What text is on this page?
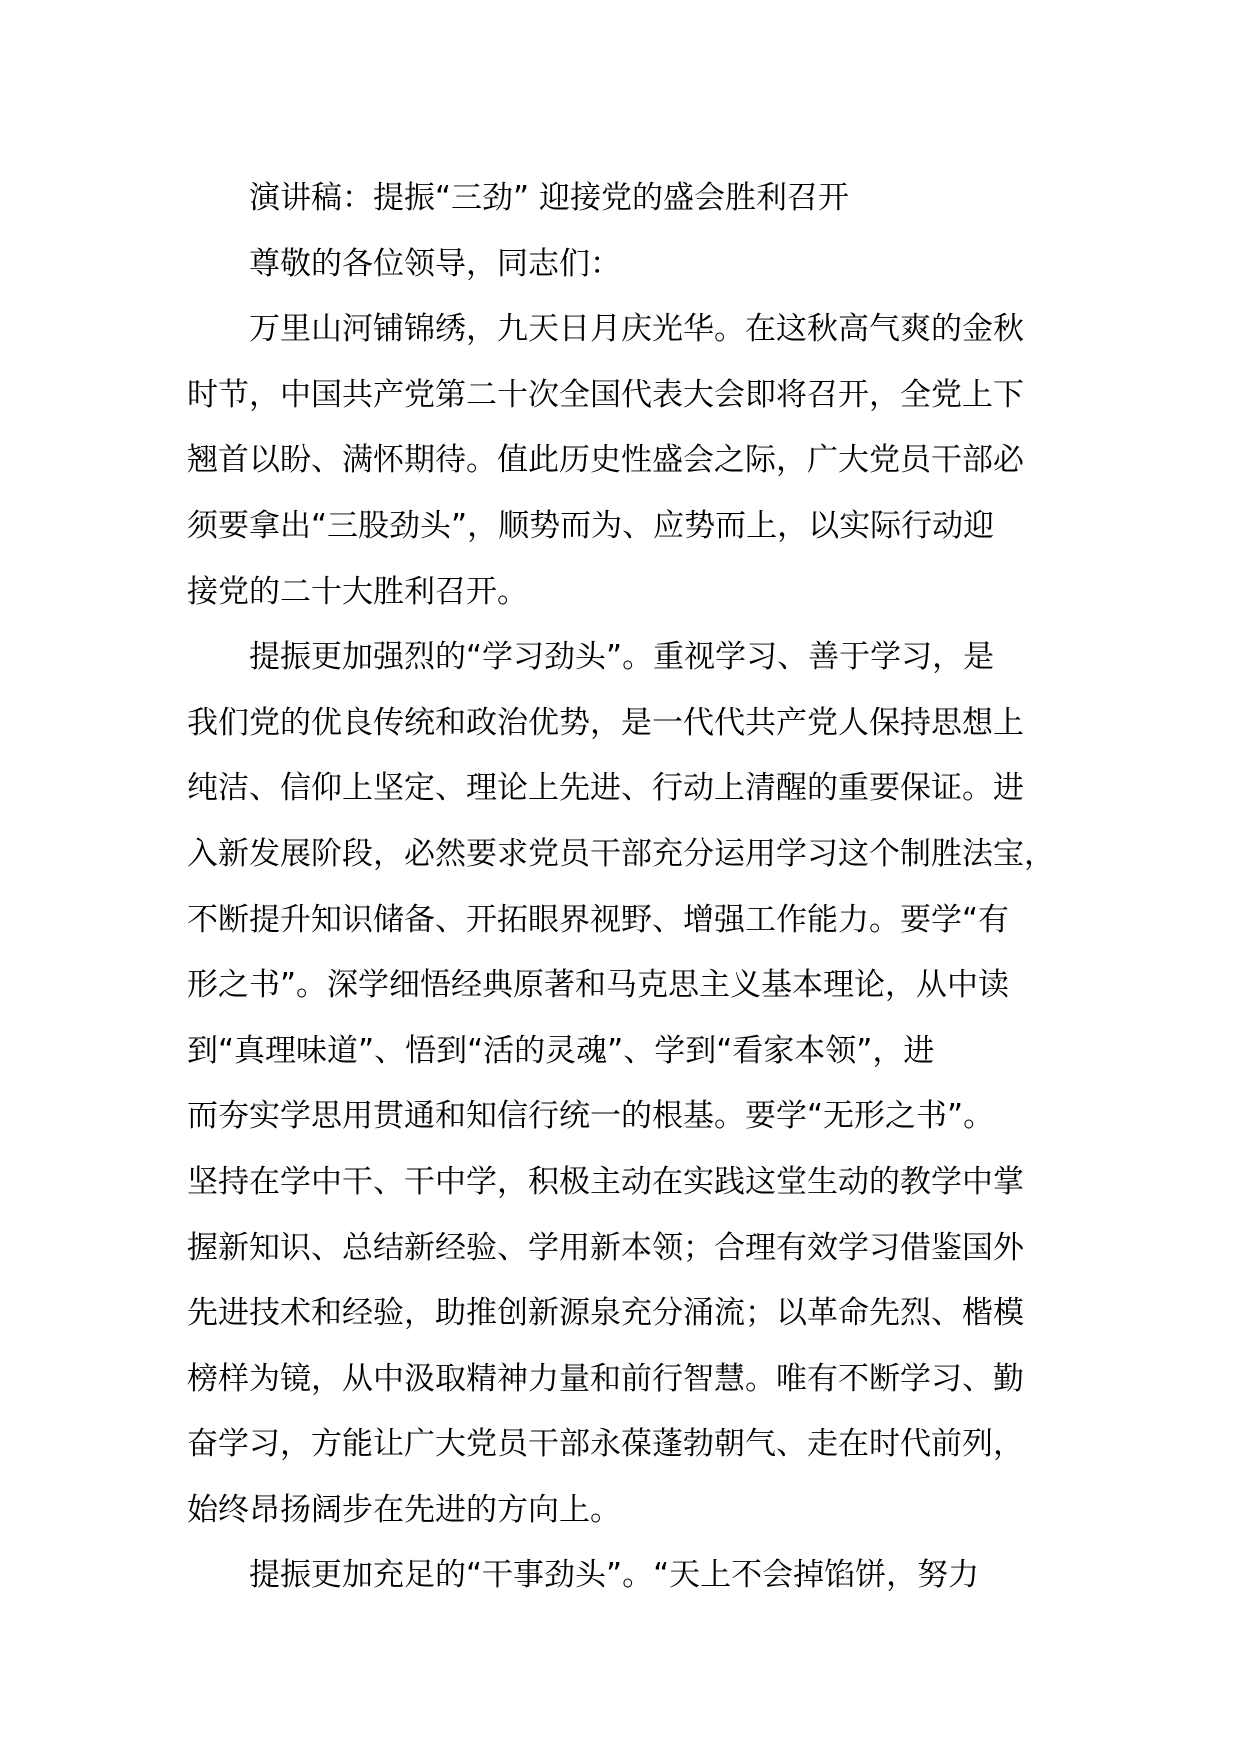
演讲稿：提振“三劲” 迎接党的盛会胜利召开

尊敬的各位领导，同志们：

万里山河铺锦绣，九天日月庆光华。在这秋高气爽的金秋
时节，中国共产党第二十次全国代表大会即将召开，全党上下
翘首以盼、满怀期待。值此历史性盛会之际，广大党员干部必
须要拿出“三股劲头”，顺势而为、应势而上，以实际行动迎
接党的二十大胜利召开。

提振更加强烈的“学习劲头”。重视学习、善于学习，是
我们党的优良传统和政治优势，是一代代共产党人保持思想上
纯洁、信仰上坚定、理论上先进、行动上清醒的重要保证。进
入新发展阶段，必然要求党员干部充分运用学习这个制胜法宝，
不断提升知识储备、开拓眼界视野、增强工作能力。要学“有
形之书”。深学细悟经典原著和马克思主义基本理论，从中读
到“真理味道”、悟到“活的灵魂”、学到“看家本领”，进
而夯实学思用贯通和知信行统一的根基。要学“无形之书”。
坚持在学中干、干中学，积极主动在实践这堂生动的教学中掌
握新知识、总结新经验、学用新本领；合理有效学习借鉴国外
先进技术和经验，助推创新源泉充分涌流；以革命先烈、楷模
榜样为镜，从中汲取精神力量和前行智慧。唯有不断学习、勤
奋学习，方能让广大党员干部永葆蓬勃朝气、走在时代前列，
始终昂扬阔步在先进的方向上。

提振更加充足的“干事劲头”。“天上不会掉馅饼，努力
